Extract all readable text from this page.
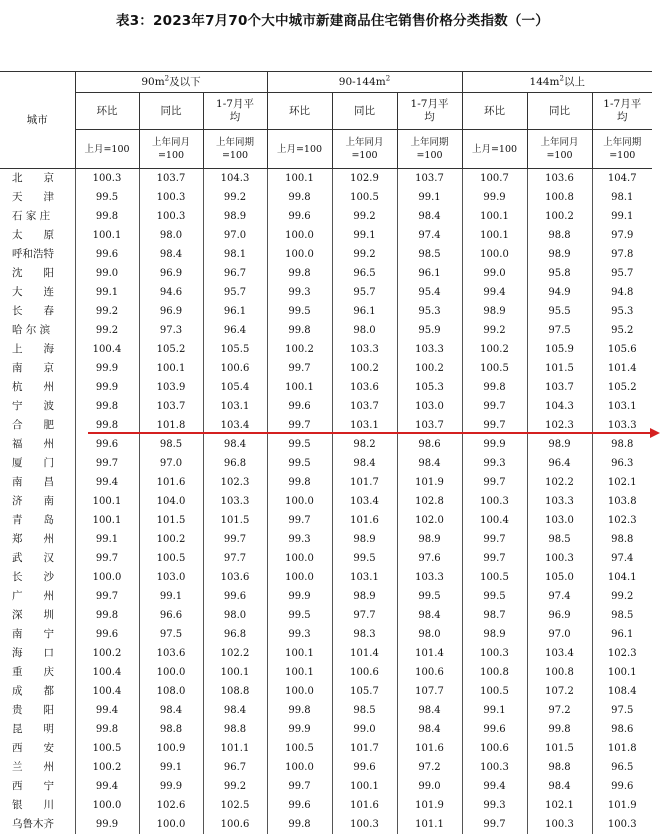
表3：2023年7月70个大中城市新建商品住宅销售价格分类指数（一）
城市	$90m^2$及以下			$90-144m^2$			$144m^2$以上		
	环比	同比	1-7月平均	环比	同比	1-7月平均	环比	同比	1-7月平均
	上月=100	上年同月=100	上年同期=100	上月=100	上年同月=100	上年同期=100	上月=100	上年同月=100	上年同期=100
北　　京	100.3	103.7	104.3	100.1	102.9	103.7	100.7	103.6	104.7
天　　津	99.5	100.3	99.2	99.8	100.5	99.1	99.9	100.8	98.1
石 家 庄	99.8	100.3	98.9	99.6	99.2	98.4	100.1	100.2	99.1
太　　原	100.1	98.0	97.0	100.0	99.1	97.4	100.1	98.8	97.9
呼和浩特	99.6	98.4	98.1	100.0	99.2	98.5	100.0	98.9	97.8
沈　　阳	99.0	96.9	96.7	99.8	96.5	96.1	99.0	95.8	95.7
大　　连	99.1	94.6	95.7	99.3	95.7	95.4	99.4	94.9	94.8
长　　春	99.2	96.9	96.1	99.5	96.1	95.3	98.9	95.5	95.3
哈 尔 滨	99.2	97.3	96.4	99.8	98.0	95.9	99.2	97.5	95.2
上　　海	100.4	105.2	105.5	100.2	103.3	103.3	100.2	105.9	105.6
南　　京	99.9	100.1	100.6	99.7	100.2	100.2	100.5	101.5	101.4
杭　　州	99.9	103.9	105.4	100.1	103.6	105.3	99.8	103.7	105.2
宁　　波	99.8	103.7	103.1	99.6	103.7	103.0	99.7	104.3	103.1
合　　肥	99.8	101.8	103.4	99.7	103.1	103.7	99.7	102.3	103.3
福　　州	99.6	98.5	98.4	99.5	98.2	98.6	99.9	98.9	98.8
厦　　门	99.7	97.0	96.8	99.5	98.4	98.4	99.3	96.4	96.3
南　　昌	99.4	101.6	102.3	99.8	101.7	101.9	99.7	102.2	102.1
济　　南	100.1	104.0	103.3	100.0	103.4	102.8	100.3	103.3	103.8
青　　岛	100.1	101.5	101.5	99.7	101.6	102.0	100.4	103.0	102.3
郑　　州	99.1	100.2	99.7	99.3	98.9	98.9	99.7	98.5	98.8
武　　汉	99.7	100.5	97.7	100.0	99.5	97.6	99.7	100.3	97.4
长　　沙	100.0	103.0	103.6	100.0	103.1	103.3	100.5	105.0	104.1
广　　州	99.7	99.1	99.6	99.9	98.9	99.5	99.5	97.4	99.2
深　　圳	99.8	96.6	98.0	99.5	97.7	98.4	98.7	96.9	98.5
南　　宁	99.6	97.5	96.8	99.3	98.3	98.0	98.9	97.0	96.1
海　　口	100.2	103.6	102.2	100.1	101.4	101.4	100.3	103.4	102.3
重　　庆	100.4	100.0	100.1	100.1	100.6	100.6	100.8	100.8	100.1
成　　都	100.4	108.0	108.8	100.0	105.7	107.7	100.5	107.2	108.4
贵　　阳	99.4	98.4	98.4	99.8	98.5	98.4	99.1	97.2	97.5
昆　　明	99.8	98.8	98.8	99.9	99.0	98.4	99.6	99.8	98.6
西　　安	100.5	100.9	101.1	100.5	101.7	101.6	100.6	101.5	101.8
兰　　州	100.2	99.1	96.7	100.0	99.6	97.2	100.3	98.8	96.5
西　　宁	99.4	99.9	99.2	99.7	100.1	99.0	99.4	98.4	99.6
银　　川	100.0	102.6	102.5	99.6	101.6	101.9	99.3	102.1	101.9
乌鲁木齐	99.9	100.0	100.6	99.8	100.3	101.1	99.7	100.3	100.3
